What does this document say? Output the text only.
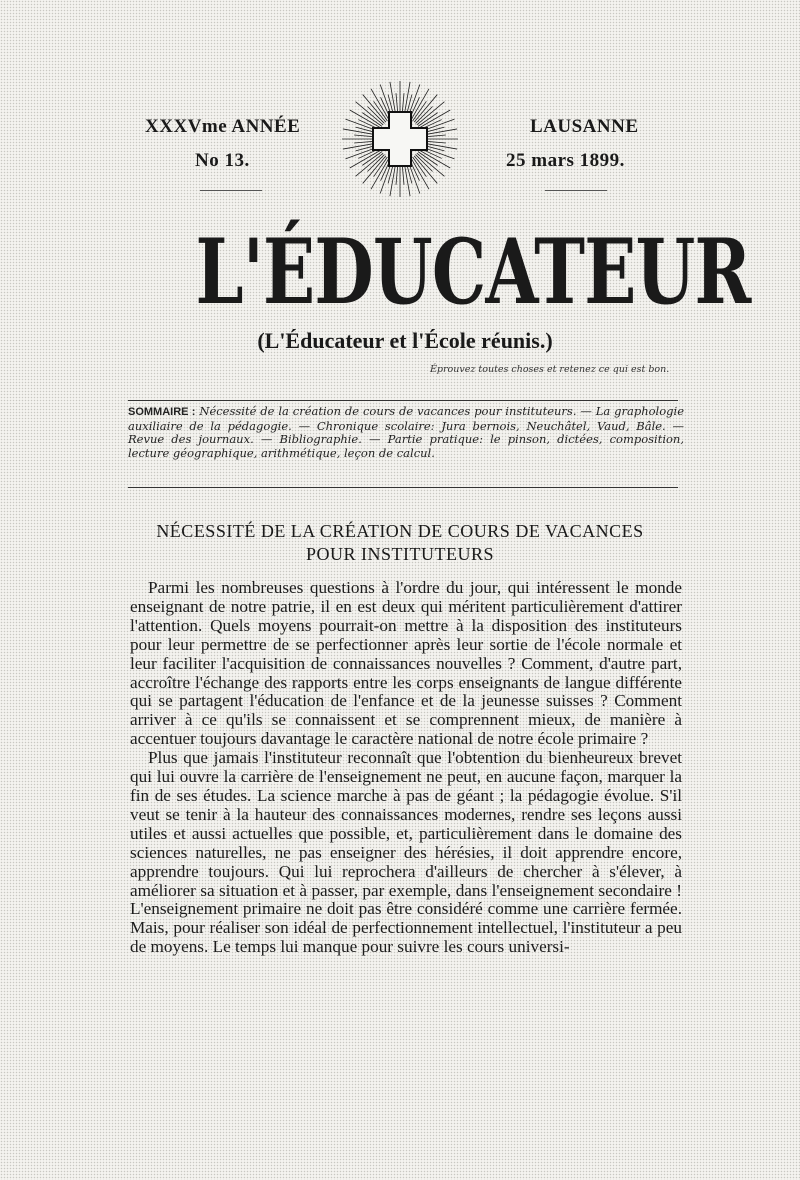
XXXVme ANNÉE
No 13.
LAUSANNE
25 mars 1899.
L'ÉDUCATEUR
(L'Éducateur et l'École réunis.)
Éprouvez toutes choses et retenez ce qui est bon.
SOMMAIRE : Nécessité de la création de cours de vacances pour instituteurs. — La graphologie auxiliaire de la pédagogie. — Chronique scolaire: Jura bernois, Neuchâtel, Vaud, Bâle. — Revue des journaux. — Bibliographie. — Partie pratique: le pinson, dictées, composition, lecture géographique, arithmétique, leçon de calcul.
NÉCESSITÉ DE LA CRÉATION DE COURS DE VACANCES
POUR INSTITUTEURS

Parmi les nombreuses questions à l'ordre du jour, qui intéressent le monde enseignant de notre patrie, il en est deux qui méritent particulièrement d'attirer l'attention. Quels moyens pourrait-on mettre à la disposition des instituteurs pour leur permettre de se perfectionner après leur sortie de l'école normale et leur faciliter l'acquisition de connaissances nouvelles ? Comment, d'autre part, accroître l'échange des rapports entre les corps enseignants de langue différente qui se partagent l'éducation de l'enfance et de la jeunesse suisses ? Comment arriver à ce qu'ils se connaissent et se comprennent mieux, de manière à accentuer toujours davantage le caractère national de notre école primaire ?

Plus que jamais l'instituteur reconnaît que l'obtention du bienheureux brevet qui lui ouvre la carrière de l'enseignement ne peut, en aucune façon, marquer la fin de ses études. La science marche à pas de géant ; la pédagogie évolue. S'il veut se tenir à la hauteur des connaissances modernes, rendre ses leçons aussi utiles et aussi actuelles que possible, et, particulièrement dans le domaine des sciences naturelles, ne pas enseigner des hérésies, il doit apprendre encore, apprendre toujours. Qui lui reprochera d'ailleurs de chercher à s'élever, à améliorer sa situation et à passer, par exemple, dans l'enseignement secondaire ! L'enseignement primaire ne doit pas être considéré comme une carrière fermée. Mais, pour réaliser son idéal de perfectionnement intellectuel, l'instituteur a peu de moyens. Le temps lui manque pour suivre les cours universi-
